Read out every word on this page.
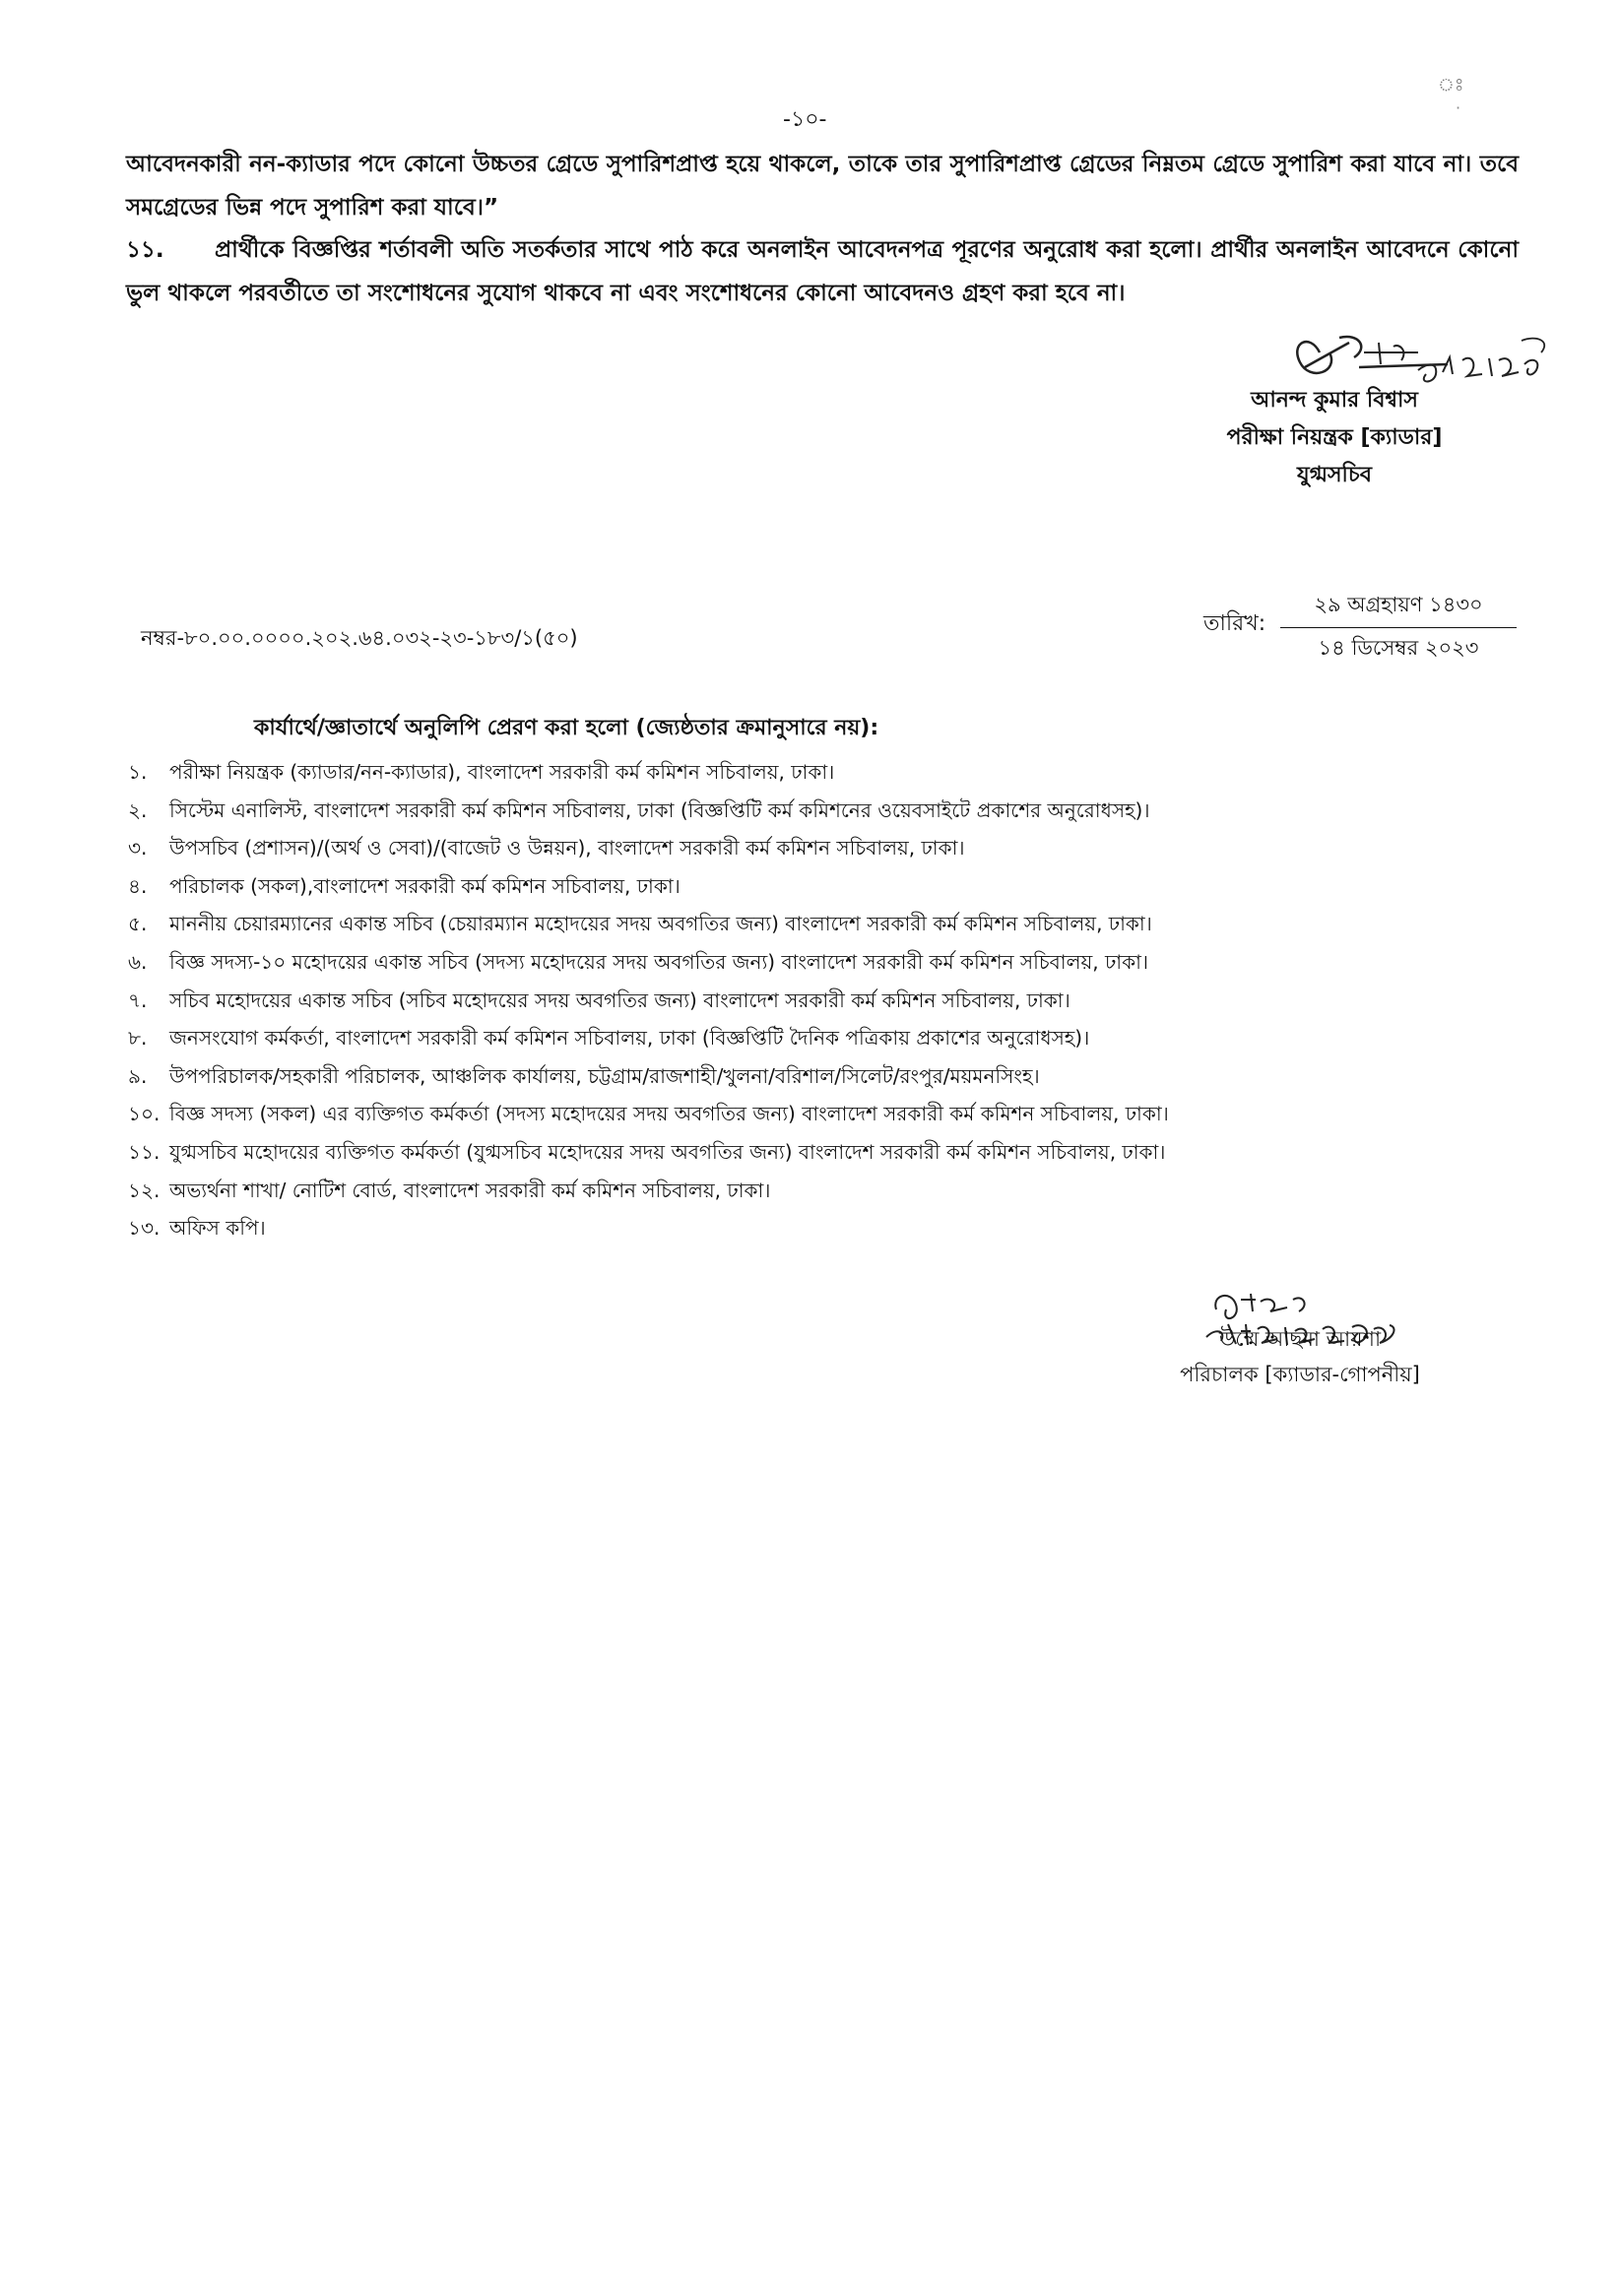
-১০-
ঃ
·
আবেদনকারী নন-ক্যাডার পদে কোনো উচ্চতর গ্রেডে সুপারিশপ্রাপ্ত হয়ে থাকলে, তাকে তার সুপারিশপ্রাপ্ত গ্রেডের নিম্নতম গ্রেডে সুপারিশ করা যাবে না। তবে সমগ্রেডের ভিন্ন পদে সুপারিশ করা যাবে।”
১১. প্রার্থীকে বিজ্ঞপ্তির শর্তাবলী অতি সতর্কতার সাথে পাঠ করে অনলাইন আবেদনপত্র পূরণের অনুরোধ করা হলো। প্রার্থীর অনলাইন আবেদনে কোনো ভুল থাকলে পরবর্তীতে তা সংশোধনের সুযোগ থাকবে না এবং সংশোধনের কোনো আবেদনও গ্রহণ করা হবে না।
আনন্দ কুমার বিশ্বাস
পরীক্ষা নিয়ন্ত্রক [ক্যাডার]
যুগ্মসচিব
নম্বর-৮০.০০.০০০০.২০২.৬৪.০৩২-২৩-১৮৩/১(৫০)
তারিখ:
২৯ অগ্রহায়ণ ১৪৩০
১৪ ডিসেম্বর ২০২৩
কার্যার্থে/জ্ঞাতার্থে অনুলিপি প্রেরণ করা হলো (জ্যেষ্ঠতার ক্রমানুসারে নয়):
১. পরীক্ষা নিয়ন্ত্রক (ক্যাডার/নন-ক্যাডার), বাংলাদেশ সরকারী কর্ম কমিশন সচিবালয়, ঢাকা।
২. সিস্টেম এনালিস্ট, বাংলাদেশ সরকারী কর্ম কমিশন সচিবালয়, ঢাকা (বিজ্ঞপ্তিটি কর্ম কমিশনের ওয়েবসাইটে প্রকাশের অনুরোধসহ)।
৩. উপসচিব (প্রশাসন)/(অর্থ ও সেবা)/(বাজেট ও উন্নয়ন), বাংলাদেশ সরকারী কর্ম কমিশন সচিবালয়, ঢাকা।
৪. পরিচালক (সকল),বাংলাদেশ সরকারী কর্ম কমিশন সচিবালয়, ঢাকা।
৫. মাননীয় চেয়ারম্যানের একান্ত সচিব (চেয়ারম্যান মহোদয়ের সদয় অবগতির জন্য) বাংলাদেশ সরকারী কর্ম কমিশন সচিবালয়, ঢাকা।
৬. বিজ্ঞ সদস্য-১০ মহোদয়ের একান্ত সচিব (সদস্য মহোদয়ের সদয় অবগতির জন্য) বাংলাদেশ সরকারী কর্ম কমিশন সচিবালয়, ঢাকা।
৭. সচিব মহোদয়ের একান্ত সচিব (সচিব মহোদয়ের সদয় অবগতির জন্য) বাংলাদেশ সরকারী কর্ম কমিশন সচিবালয়, ঢাকা।
৮. জনসংযোগ কর্মকর্তা, বাংলাদেশ সরকারী কর্ম কমিশন সচিবালয়, ঢাকা (বিজ্ঞপ্তিটি দৈনিক পত্রিকায় প্রকাশের অনুরোধসহ)।
৯. উপপরিচালক/সহকারী পরিচালক, আঞ্চলিক কার্যালয়, চট্টগ্রাম/রাজশাহী/খুলনা/বরিশাল/সিলেট/রংপুর/ময়মনসিংহ।
১০. বিজ্ঞ সদস্য (সকল) এর ব্যক্তিগত কর্মকর্তা (সদস্য মহোদয়ের সদয় অবগতির জন্য) বাংলাদেশ সরকারী কর্ম কমিশন সচিবালয়, ঢাকা।
১১. যুগ্মসচিব মহোদয়ের ব্যক্তিগত কর্মকর্তা (যুগ্মসচিব মহোদয়ের সদয় অবগতির জন্য) বাংলাদেশ সরকারী কর্ম কমিশন সচিবালয়, ঢাকা।
১২. অভ্যর্থনা শাখা/ নোটিশ বোর্ড, বাংলাদেশ সরকারী কর্ম কমিশন সচিবালয়, ঢাকা।
১৩. অফিস কপি।
উম্মে আছমা আয়শা
পরিচালক [ক্যাডার-গোপনীয়]
